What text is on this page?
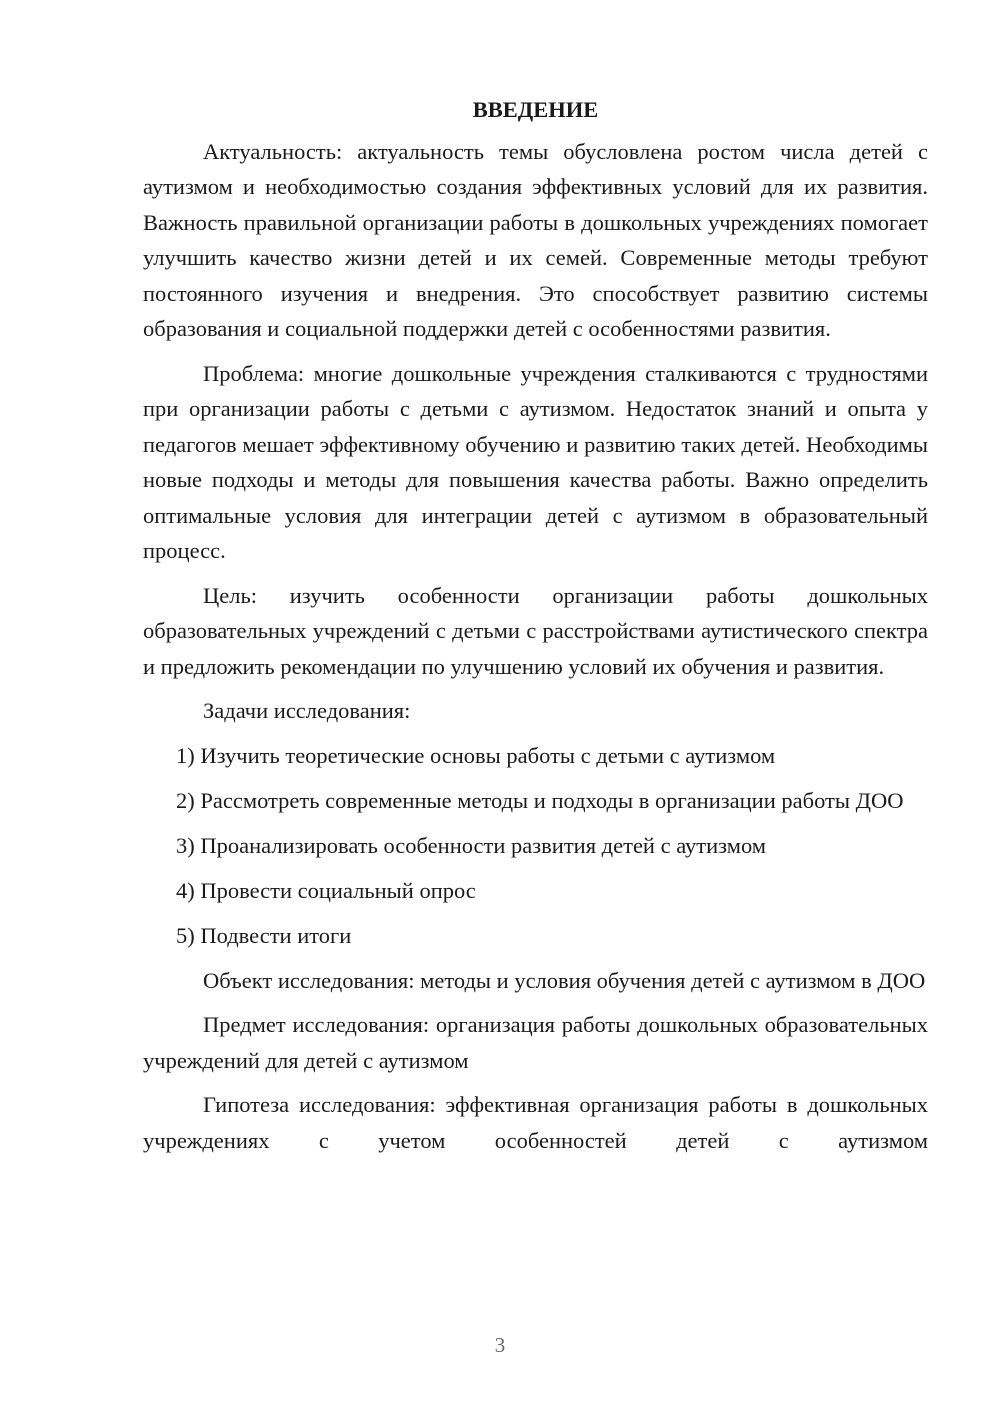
ВВЕДЕНИЕ

Актуальность: актуальность темы обусловлена ростом числа детей с аутизмом и необходимостью создания эффективных условий для их развития. Важность правильной организации работы в дошкольных учреждениях помогает улучшить качество жизни детей и их семей. Современные методы требуют постоянного изучения и внедрения. Это способствует развитию системы образования и социальной поддержки детей с особенностями развития.

Проблема: многие дошкольные учреждения сталкиваются с трудностями при организации работы с детьми с аутизмом. Недостаток знаний и опыта у педагогов мешает эффективному обучению и развитию таких детей. Необходимы новые подходы и методы для повышения качества работы. Важно определить оптимальные условия для интеграции детей с аутизмом в образовательный процесс.

Цель: изучить особенности организации работы дошкольных образовательных учреждений с детьми с расстройствами аутистического спектра и предложить рекомендации по улучшению условий их обучения и развития.

Задачи исследования:

1) Изучить теоретические основы работы с детьми с аутизмом

2) Рассмотреть современные методы и подходы в организации работы ДОО

3) Проанализировать особенности развития детей с аутизмом

4) Провести социальный опрос

5) Подвести итоги

Объект исследования: методы и условия обучения детей с аутизмом в ДОО

Предмет исследования: организация работы дошкольных образовательных учреждений для детей с аутизмом

Гипотеза исследования: эффективная организация работы в дошкольных учреждениях с учетом особенностей детей с аутизмом

3
